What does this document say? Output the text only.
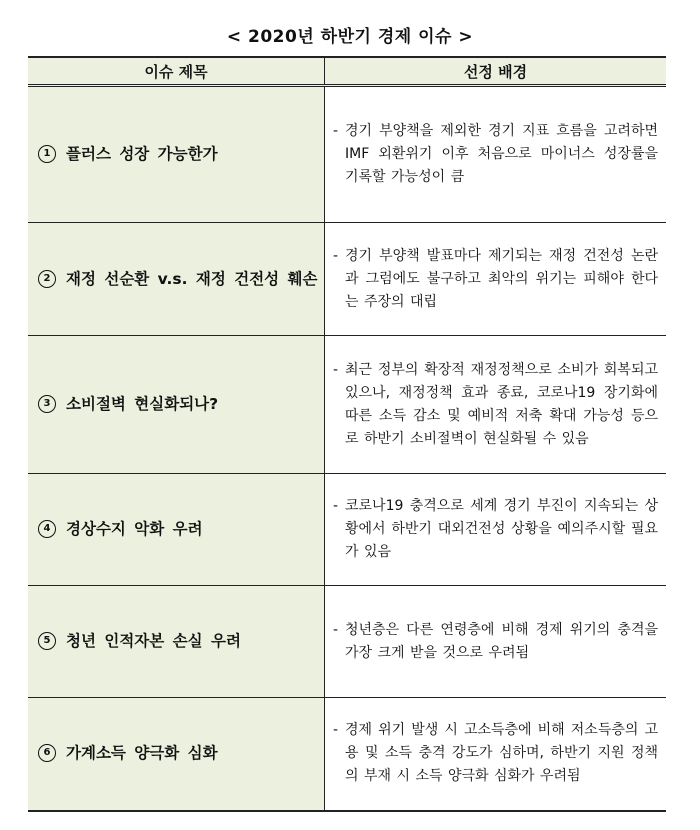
< 2020년 하반기 경제 이슈 >
이슈 제목	선정 배경

1 플러스 성장 가능한가	- 경기 부양책을 제외한 경기 지표 흐름을 고려하면 IMF 외환위기 이후 처음으로 마이너스 성장률을 기록할 가능성이 큼

2 재정 선순환 v.s. 재정 건전성 훼손	- 경기 부양책 발표마다 제기되는 재정 건전성 논란과 그럼에도 불구하고 최악의 위기는 피해야 한다는 주장의 대립

3 소비절벽 현실화되나?	- 최근 정부의 확장적 재정정책으로 소비가 회복되고 있으나, 재정정책 효과 종료, 코로나19 장기화에 따른 소득 감소 및 예비적 저축 확대 가능성 등으로 하반기 소비절벽이 현실화될 수 있음

4 경상수지 악화 우려	- 코로나19 충격으로 세계 경기 부진이 지속되는 상황에서 하반기 대외건전성 상황을 예의주시할 필요가 있음

5 청년 인적자본 손실 우려	- 청년층은 다른 연령층에 비해 경제 위기의 충격을 가장 크게 받을 것으로 우려됨

6 가계소득 양극화 심화	- 경제 위기 발생 시 고소득층에 비해 저소득층의 고용 및 소득 충격 강도가 심하며, 하반기 지원 정책의 부재 시 소득 양극화 심화가 우려됨
